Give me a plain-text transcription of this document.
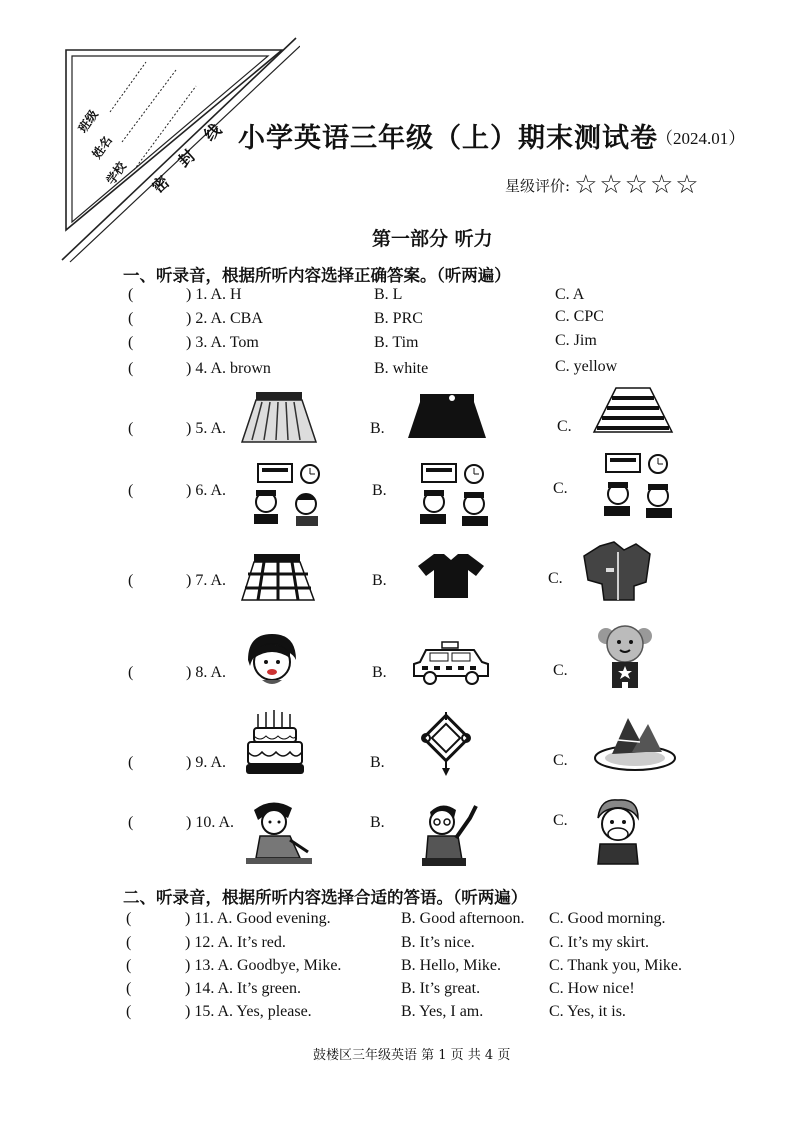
班级
姓名
学校 密
封
线 小学英语三年级（上）期末测试卷
（2024.01）
星级评价: ☆☆☆☆☆
第一部分 听力
一、听录音，根据所听内容选择正确答案。（听两遍）
(	) 1. A. H	B. L	C. A
(	) 2. A. CBA	B. PRC	C. CPC
(	) 3. A. Tom	B. Tim	C. Jim
(	) 4. A. brown	B. white	C. yellow
(	) 5. A.	B.	C.
(	) 6. A.	B.	C.
(	) 7. A.	B.	C.
(	) 8. A.	B.	C.
(	) 9. A.	B.	C.
(	) 10. A.	B.	C.
二、听录音，根据所听内容选择合适的答语。（听两遍）
(	) 11. A. Good evening.	B. Good afternoon. C. Good morning.
(	) 12. A. It’s red.	B. It’s nice.	C. It’s my skirt.
(	) 13. A. Goodbye, Mike.	B. Hello, Mike.	C. Thank you, Mike.
(	) 14. A. It’s green.	B. It’s great.	C. How nice!
(	) 15. A. Yes, please.	B. Yes, I am.	C. Yes, it is.
鼓楼区三年级英语 第 1 页 共 4 页
